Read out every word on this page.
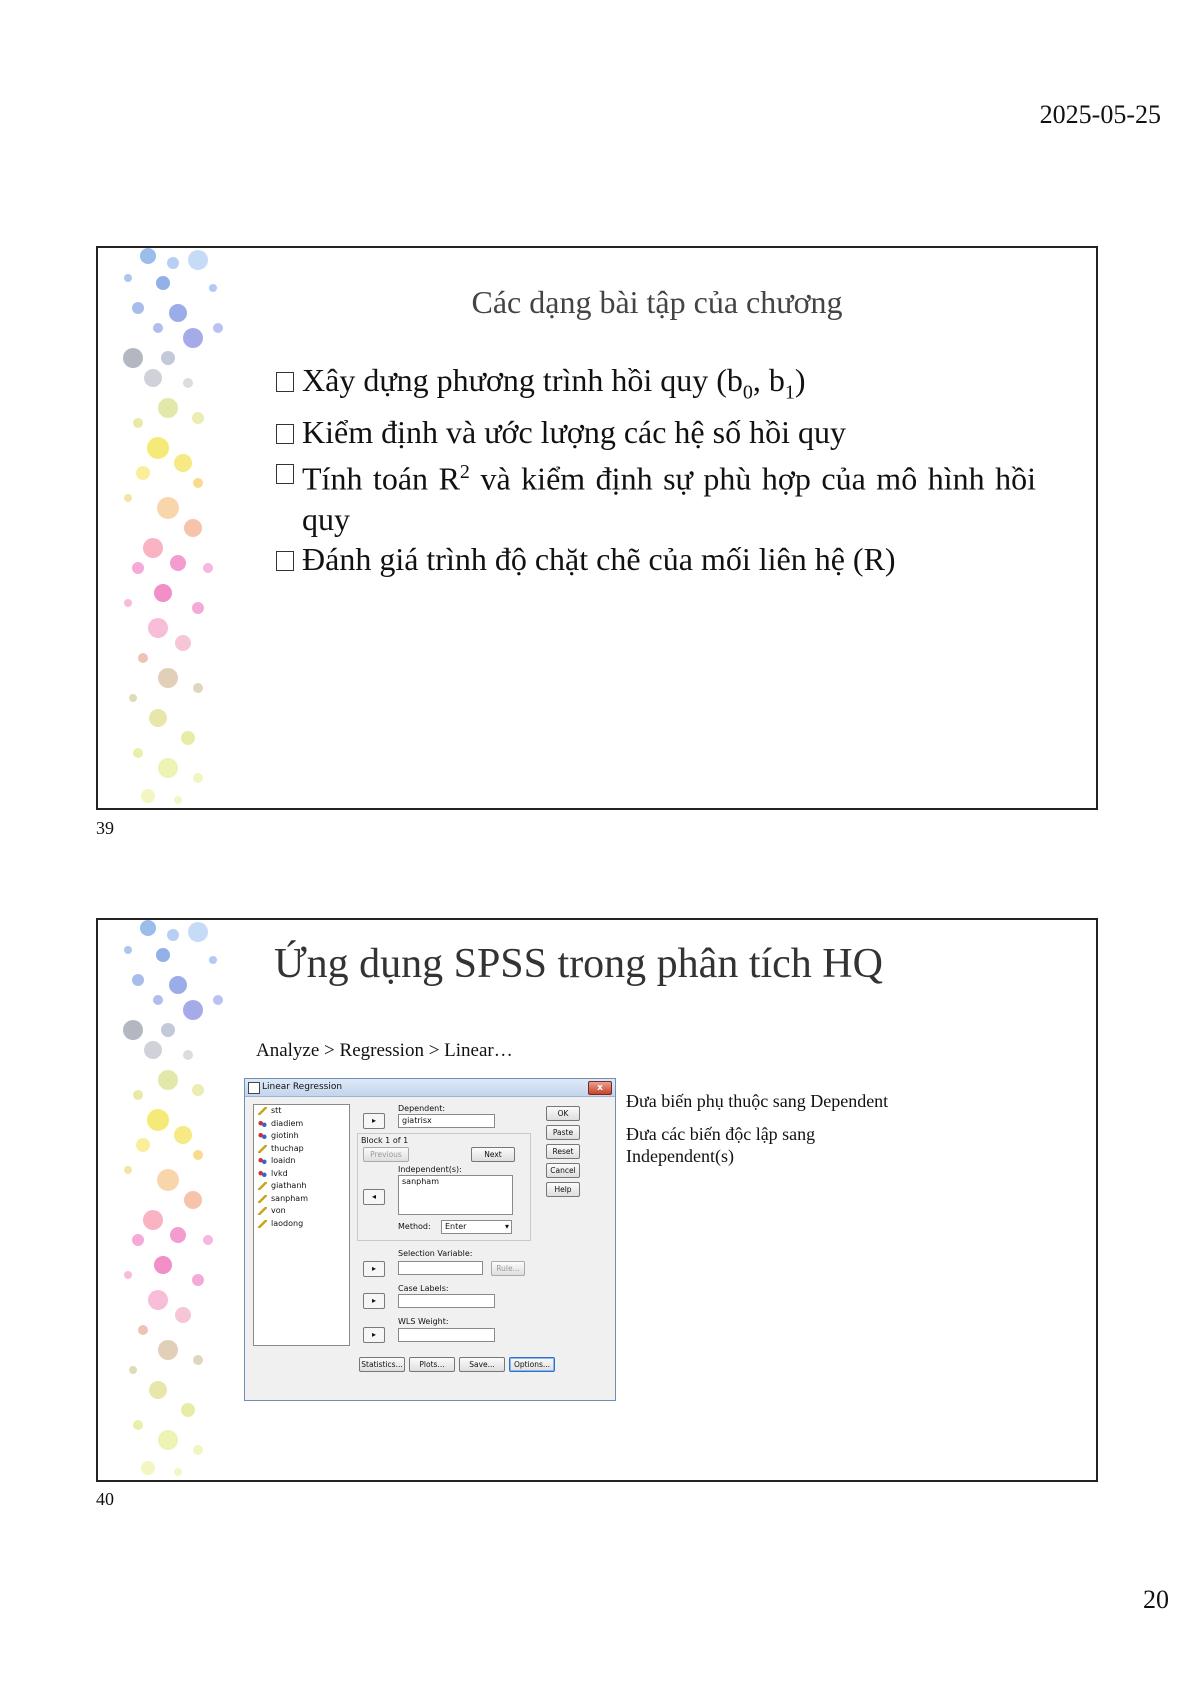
2025-05-25
Các dạng bài tập của chương
Xây dựng phương trình hồi quy ($b_0$, $b_1$)
Kiểm định và ước lượng các hệ số hồi quy
Tính toán $R^2$ và kiểm định sự phù hợp của mô hình hồi quy
Đánh giá trình độ chặt chẽ của mối liên hệ (R)
39
Ứng dụng SPSS trong phân tích HQ
Analyze > Regression > Linear…
Đưa biến phụ thuộc sang Dependent
Đưa các biến độc lập sang Independent(s)
Linear Regression	x
stt
diadiem
giotinh
thuchap
loaidn
lvkd
giathanh
sanpham
von
laodong
▸
Dependent:
giatrisx
Block 1 of 1
Previous	Next
Independent(s):
sanpham
◂
Method:	Enter	▾
Selection Variable:
▸	Rule...
Case Labels:
▸
WLS Weight:
▸
OK
Paste
Reset
Cancel
Help
Statistics...	Plots...	Save...	Options...
40
20
